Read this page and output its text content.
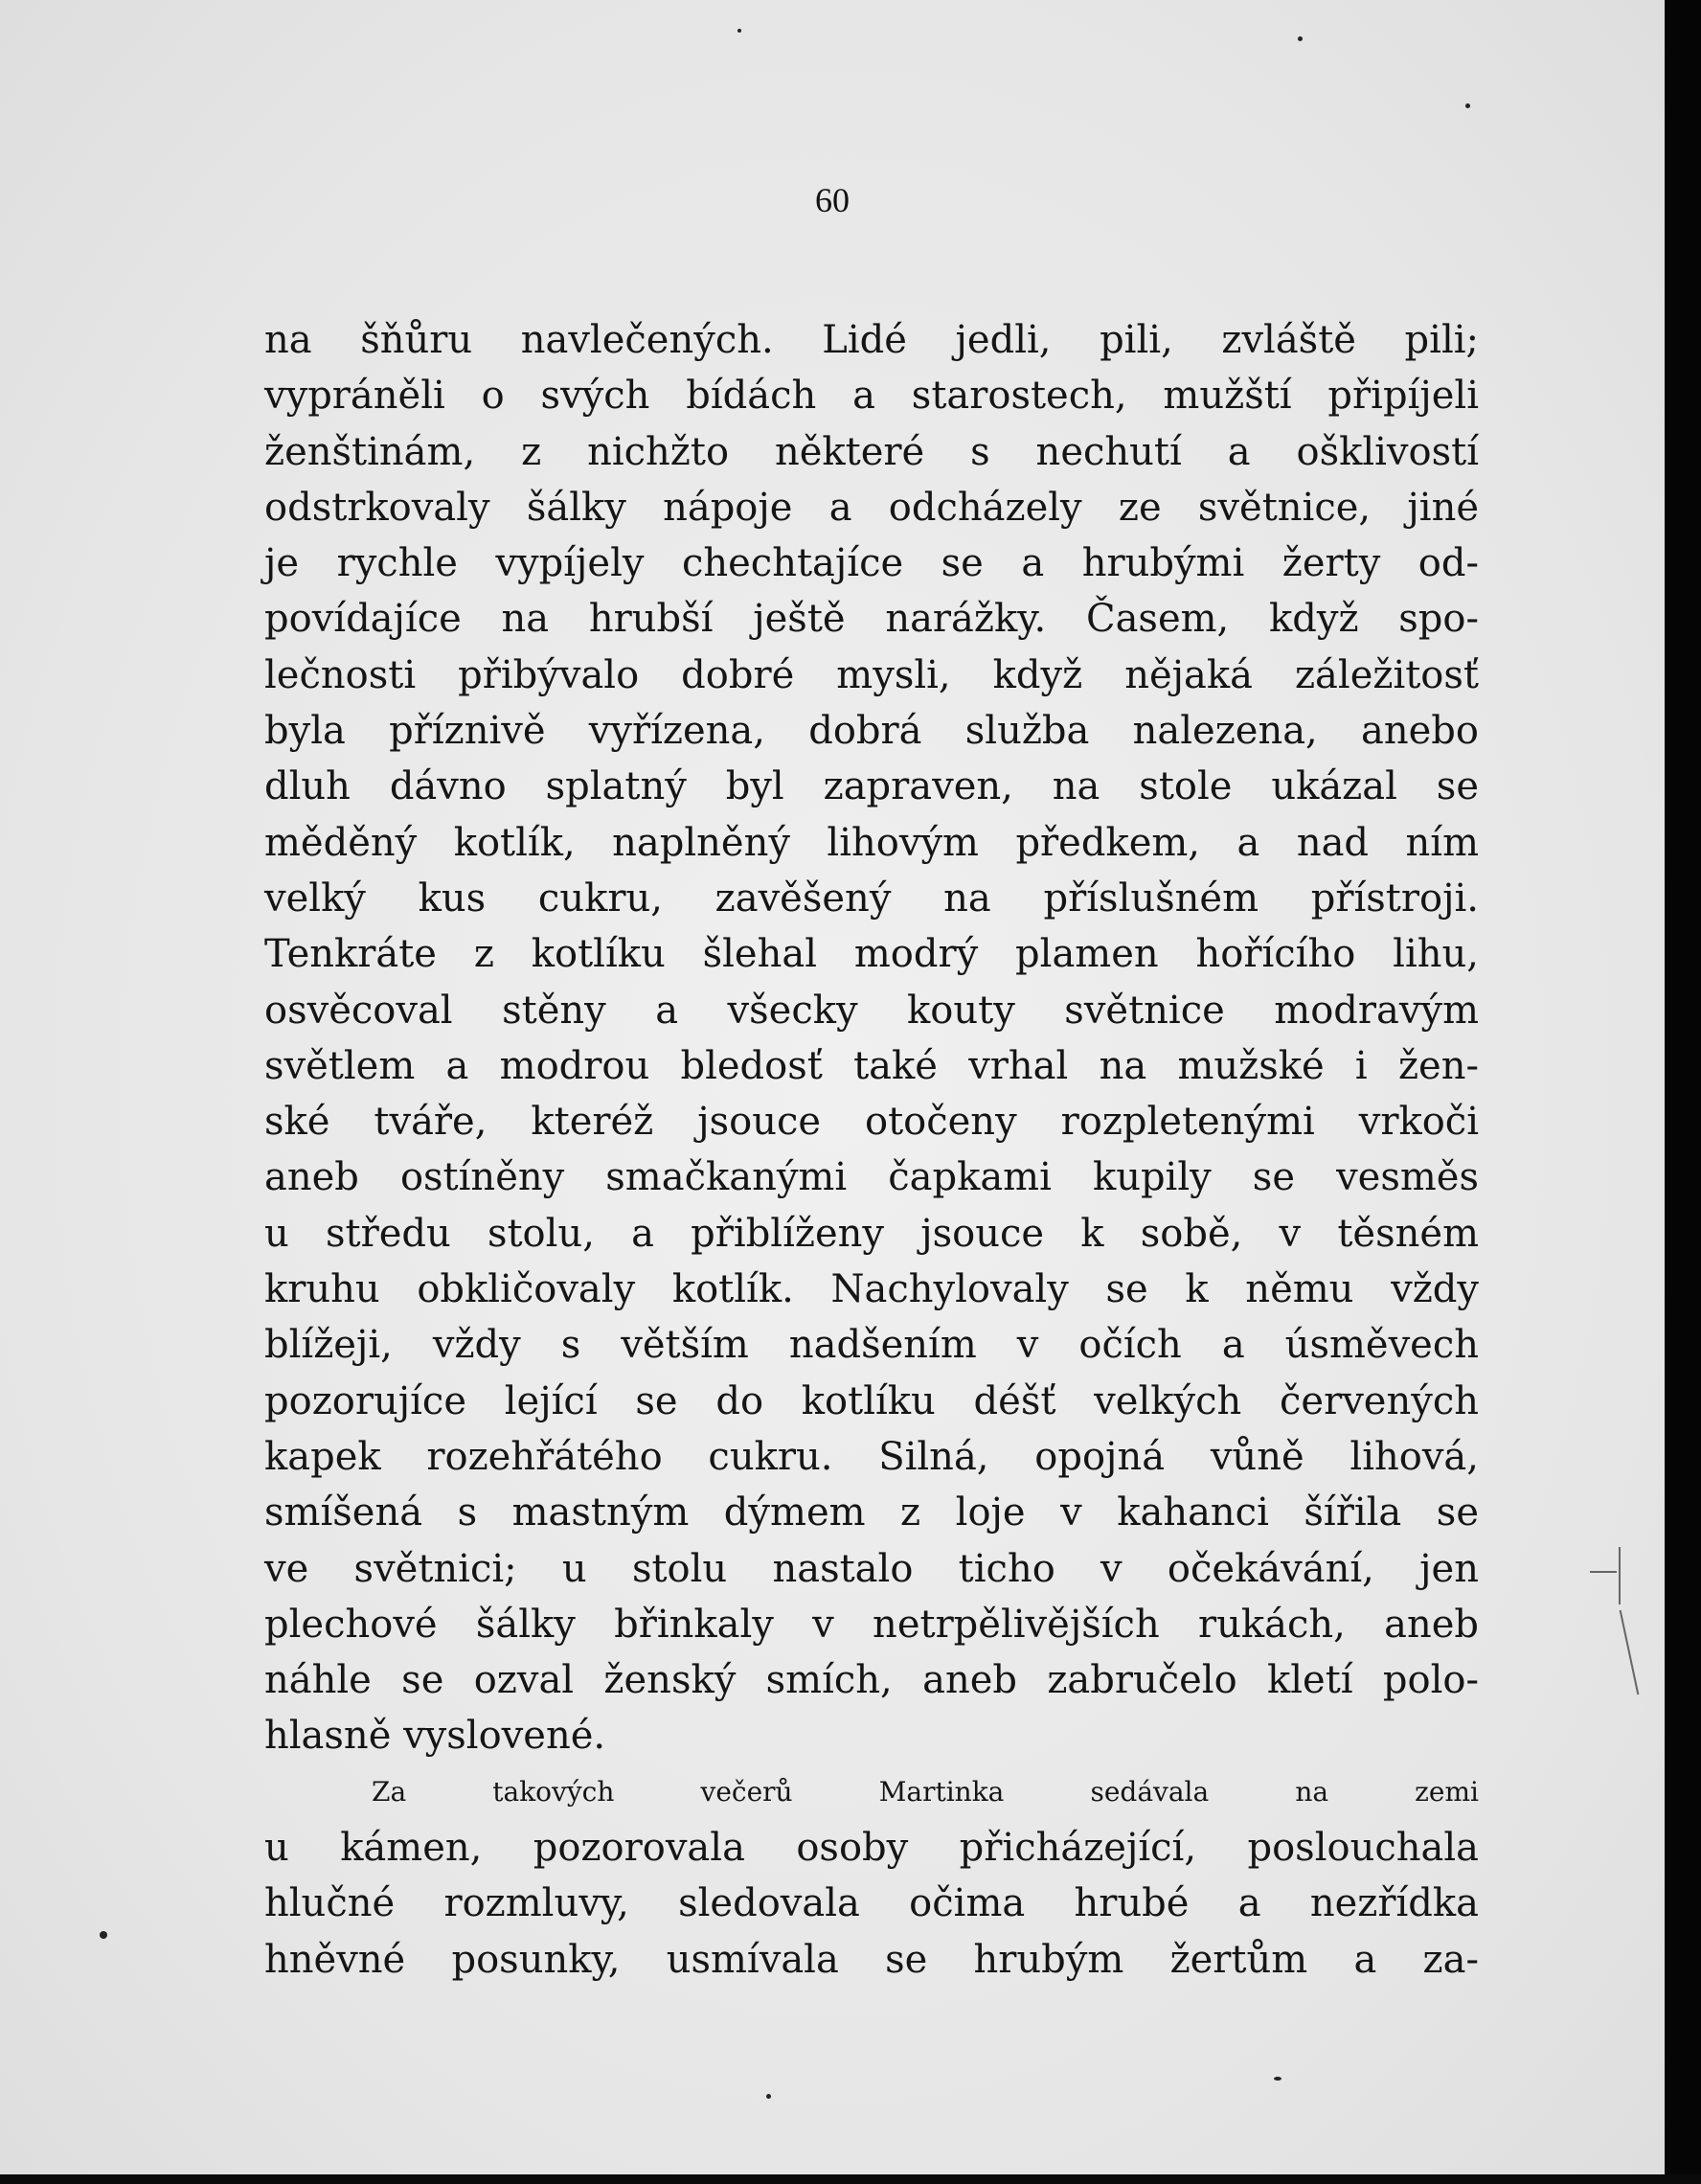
60
na šňůru navlečených. Lidé jedli, pili, zvláště pili;
vypráněli o svých bídách a starostech, mužští připíjeli
ženštinám, z nichžto některé s nechutí a ošklivostí
odstrkovaly šálky nápoje a odcházely ze světnice, jiné
je rychle vypíjely chechtajíce se a hrubými žerty od-
povídajíce na hrubší ještě narážky. Časem, když spo-
lečnosti přibývalo dobré mysli, když nějaká záležitosť
byla příznivě vyřízena, dobrá služba nalezena, anebo
dluh dávno splatný byl zapraven, na stole ukázal se
měděný kotlík, naplněný lihovým předkem, a nad ním
velký kus cukru, zavěšený na příslušném přístroji.
Tenkráte z kotlíku šlehal modrý plamen hořícího lihu,
osvěcoval stěny a všecky kouty světnice modravým
světlem a modrou bledosť také vrhal na mužské i žen-
ské tváře, kteréž jsouce otočeny rozpletenými vrkoči
aneb ostíněny smačkanými čapkami kupily se vesměs
u středu stolu, a přiblíženy jsouce k sobě, v těsném
kruhu obkličovaly kotlík. Nachylovaly se k němu vždy
blížeji, vždy s větším nadšením v očích a úsměvech
pozorujíce lející se do kotlíku déšť velkých červených
kapek rozehřátého cukru. Silná, opojná vůně lihová,
smíšená s mastným dýmem z loje v kahanci šířila se
ve světnici; u stolu nastalo ticho v očekávání, jen
plechové šálky břinkaly v netrpělivějších rukách, aneb
náhle se ozval ženský smích, aneb zabručelo kletí polo-
hlasně vyslovené.
Za takových večerů Martinka sedávala na zemi
u kámen, pozorovala osoby přicházející, poslouchala
hlučné rozmluvy, sledovala očima hrubé a nezřídka
hněvné posunky, usmívala se hrubým žertům a za-
